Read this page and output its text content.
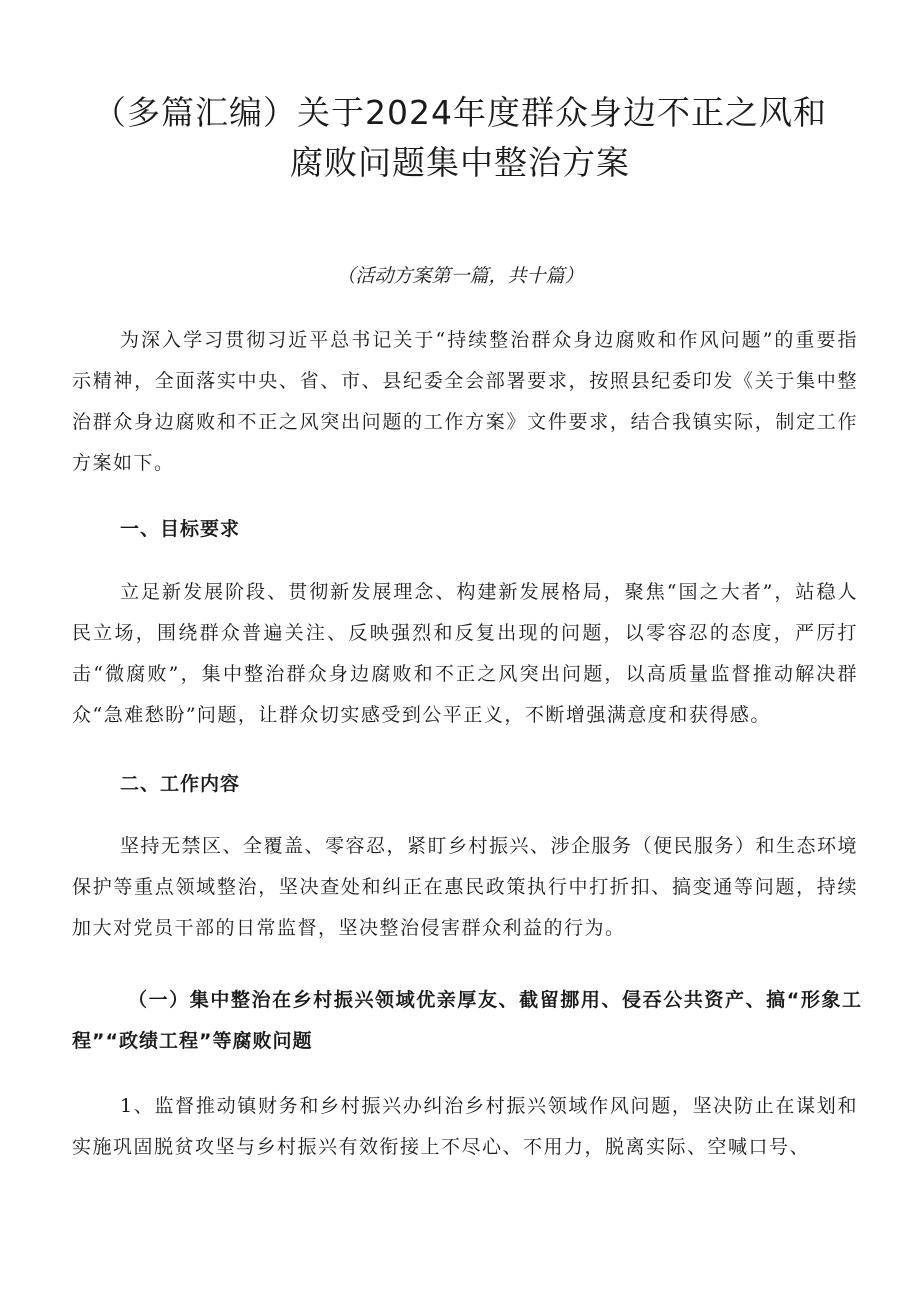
（多篇汇编）关于2024年度群众身边不正之风和腐败问题集中整治方案
（活动方案第一篇，共十篇）

为深入学习贯彻习近平总书记关于“持续整治群众身边腐败和作风问题”的重要指示精神，全面落实中央、省、市、县纪委全会部署要求，按照县纪委印发《关于集中整治群众身边腐败和不正之风突出问题的工作方案》文件要求，结合我镇实际，制定工作方案如下。

一、目标要求

立足新发展阶段、贯彻新发展理念、构建新发展格局，聚焦“国之大者”，站稳人民立场，围绕群众普遍关注、反映强烈和反复出现的问题，以零容忍的态度，严厉打击“微腐败”，集中整治群众身边腐败和不正之风突出问题，以高质量监督推动解决群众“急难愁盼”问题，让群众切实感受到公平正义，不断增强满意度和获得感。

二、工作内容

坚持无禁区、全覆盖、零容忍，紧盯乡村振兴、涉企服务（便民服务）和生态环境保护等重点领域整治，坚决查处和纠正在惠民政策执行中打折扣、搞变通等问题，持续加大对党员干部的日常监督，坚决整治侵害群众利益的行为。

（一）集中整治在乡村振兴领域优亲厚友、截留挪用、侵吞公共资产、搞“形象工程”“政绩工程”等腐败问题

1、监督推动镇财务和乡村振兴办纠治乡村振兴领域作风问题，坚决防止在谋划和实施巩固脱贫攻坚与乡村振兴有效衔接上不尽心、不用力，脱离实际、空喊口号、
